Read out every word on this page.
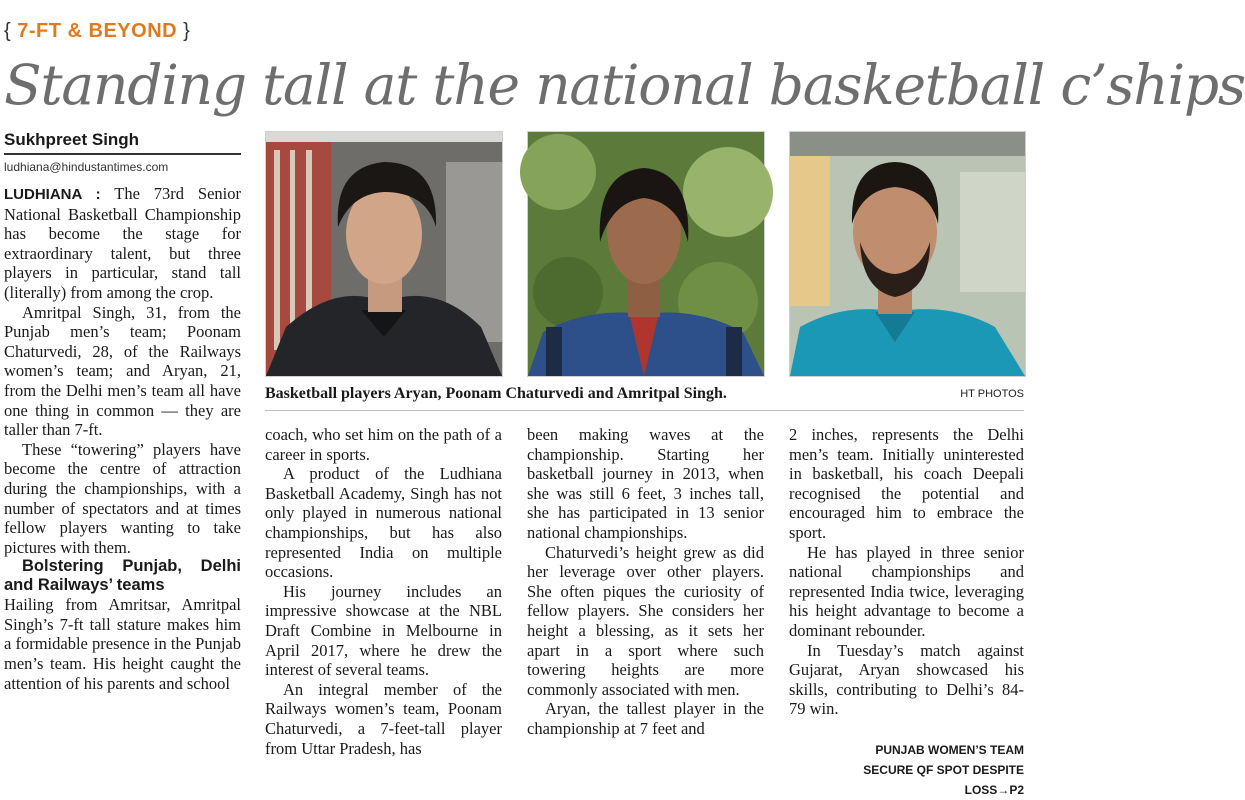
{ 7-FT & BEYOND }
Standing tall at the national basketball c’ships
Sukhpreet Singh
ludhiana@hindustantimes.com

LUDHIANA : The 73rd Senior National Basketball Championship has become the stage for extraordinary talent, but three players in particular, stand tall (literally) from among the crop.

Amritpal Singh, 31, from the Punjab men’s team; Poonam Chaturvedi, 28, of the Railways women’s team; and Aryan, 21, from the Delhi men’s team all have one thing in common — they are taller than 7-ft.

These “towering” players have become the centre of attraction during the championships, with a number of spectators and at times fellow players wanting to take pictures with them.

Bolstering Punjab, Delhi and Railways’ teams

Hailing from Amritsar, Amritpal Singh’s 7-ft tall stature makes him a formidable presence in the Punjab men’s team. His height caught the attention of his parents and school

Basketball players Aryan, Poonam Chaturvedi and Amritpal Singh.	HT PHOTOS

coach, who set him on the path of a career in sports.

A product of the Ludhiana Basketball Academy, Singh has not only played in numerous national championships, but has also represented India on multiple occasions.

His journey includes an impressive showcase at the NBL Draft Combine in Melbourne in April 2017, where he drew the interest of several teams.

An integral member of the Railways women’s team, Poonam Chaturvedi, a 7-feet-tall player from Uttar Pradesh, has

been making waves at the championship. Starting her basketball journey in 2013, when she was still 6 feet, 3 inches tall, she has participated in 13 senior national championships.

Chaturvedi’s height grew as did her leverage over other players. She often piques the curiosity of fellow players. She considers her height a blessing, as it sets her apart in a sport where such towering heights are more commonly associated with men.

Aryan, the tallest player in the championship at 7 feet and

2 inches, represents the Delhi men’s team. Initially uninterested in basketball, his coach Deepali recognised the potential and encouraged him to embrace the sport.

He has played in three senior national championships and represented India twice, leveraging his height advantage to become a dominant rebounder.

In Tuesday’s match against Gujarat, Aryan showcased his skills, contributing to Delhi’s 84-79 win.

PUNJAB WOMEN’S TEAM
SECURE QF SPOT DESPITE LOSS→P2
